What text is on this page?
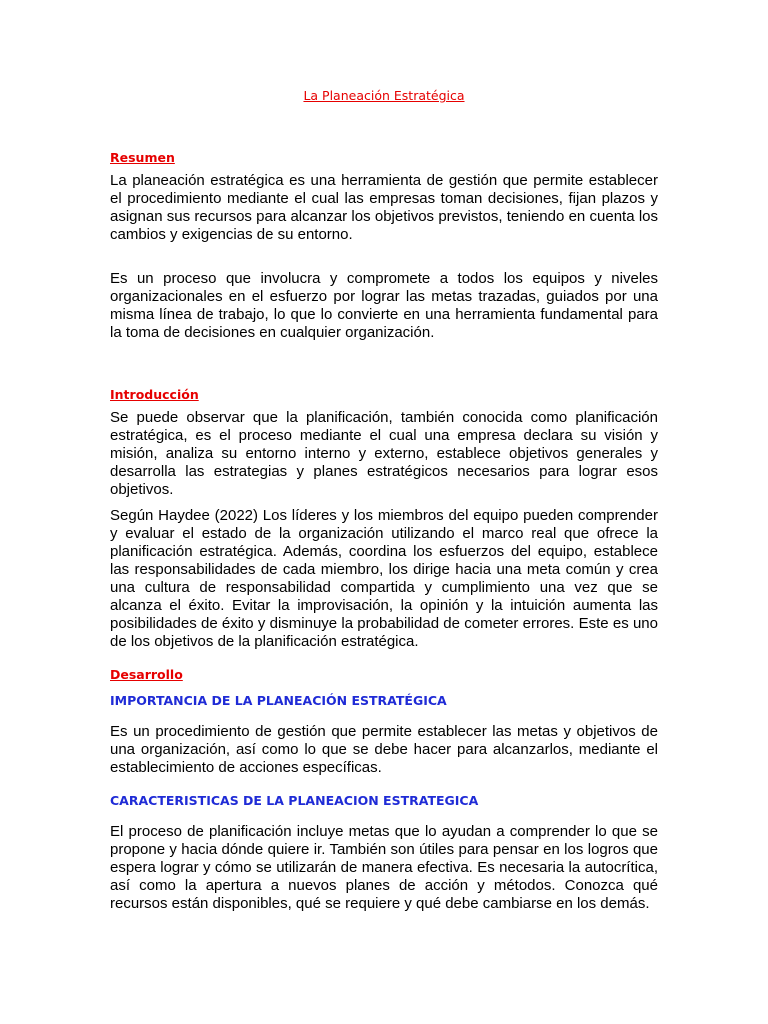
La Planeación Estratégica
Resumen

La planeación estratégica es una herramienta de gestión que permite establecer el procedimiento mediante el cual las empresas toman decisiones, fijan plazos y asignan sus recursos para alcanzar los objetivos previstos, teniendo en cuenta los cambios y exigencias de su entorno.

Es un proceso que involucra y compromete a todos los equipos y niveles organizacionales en el esfuerzo por lograr las metas trazadas, guiados por una misma línea de trabajo, lo que lo convierte en una herramienta fundamental para la toma de decisiones en cualquier organización.

Introducción

Se puede observar que la planificación, también conocida como planificación estratégica, es el proceso mediante el cual una empresa declara su visión y misión, analiza su entorno interno y externo, establece objetivos generales y desarrolla las estrategias y planes estratégicos necesarios para lograr esos objetivos.

Según Haydee (2022) Los líderes y los miembros del equipo pueden comprender y evaluar el estado de la organización utilizando el marco real que ofrece la planificación estratégica. Además, coordina los esfuerzos del equipo, establece las responsabilidades de cada miembro, los dirige hacia una meta común y crea una cultura de responsabilidad compartida y cumplimiento una vez que se alcanza el éxito. Evitar la improvisación, la opinión y la intuición aumenta las posibilidades de éxito y disminuye la probabilidad de cometer errores. Este es uno de los objetivos de la planificación estratégica.

Desarrollo
IMPORTANCIA DE LA PLANEACIÓN ESTRATÉGICA

Es un procedimiento de gestión que permite establecer las metas y objetivos de una organización, así como lo que se debe hacer para alcanzarlos, mediante el establecimiento de acciones específicas.

CARACTERISTICAS DE LA PLANEACION ESTRATEGICA

El proceso de planificación incluye metas que lo ayudan a comprender lo que se propone y hacia dónde quiere ir. También son útiles para pensar en los logros que espera lograr y cómo se utilizarán de manera efectiva. Es necesaria la autocrítica, así como la apertura a nuevos planes de acción y métodos. Conozca qué recursos están disponibles, qué se requiere y qué debe cambiarse en los demás.
